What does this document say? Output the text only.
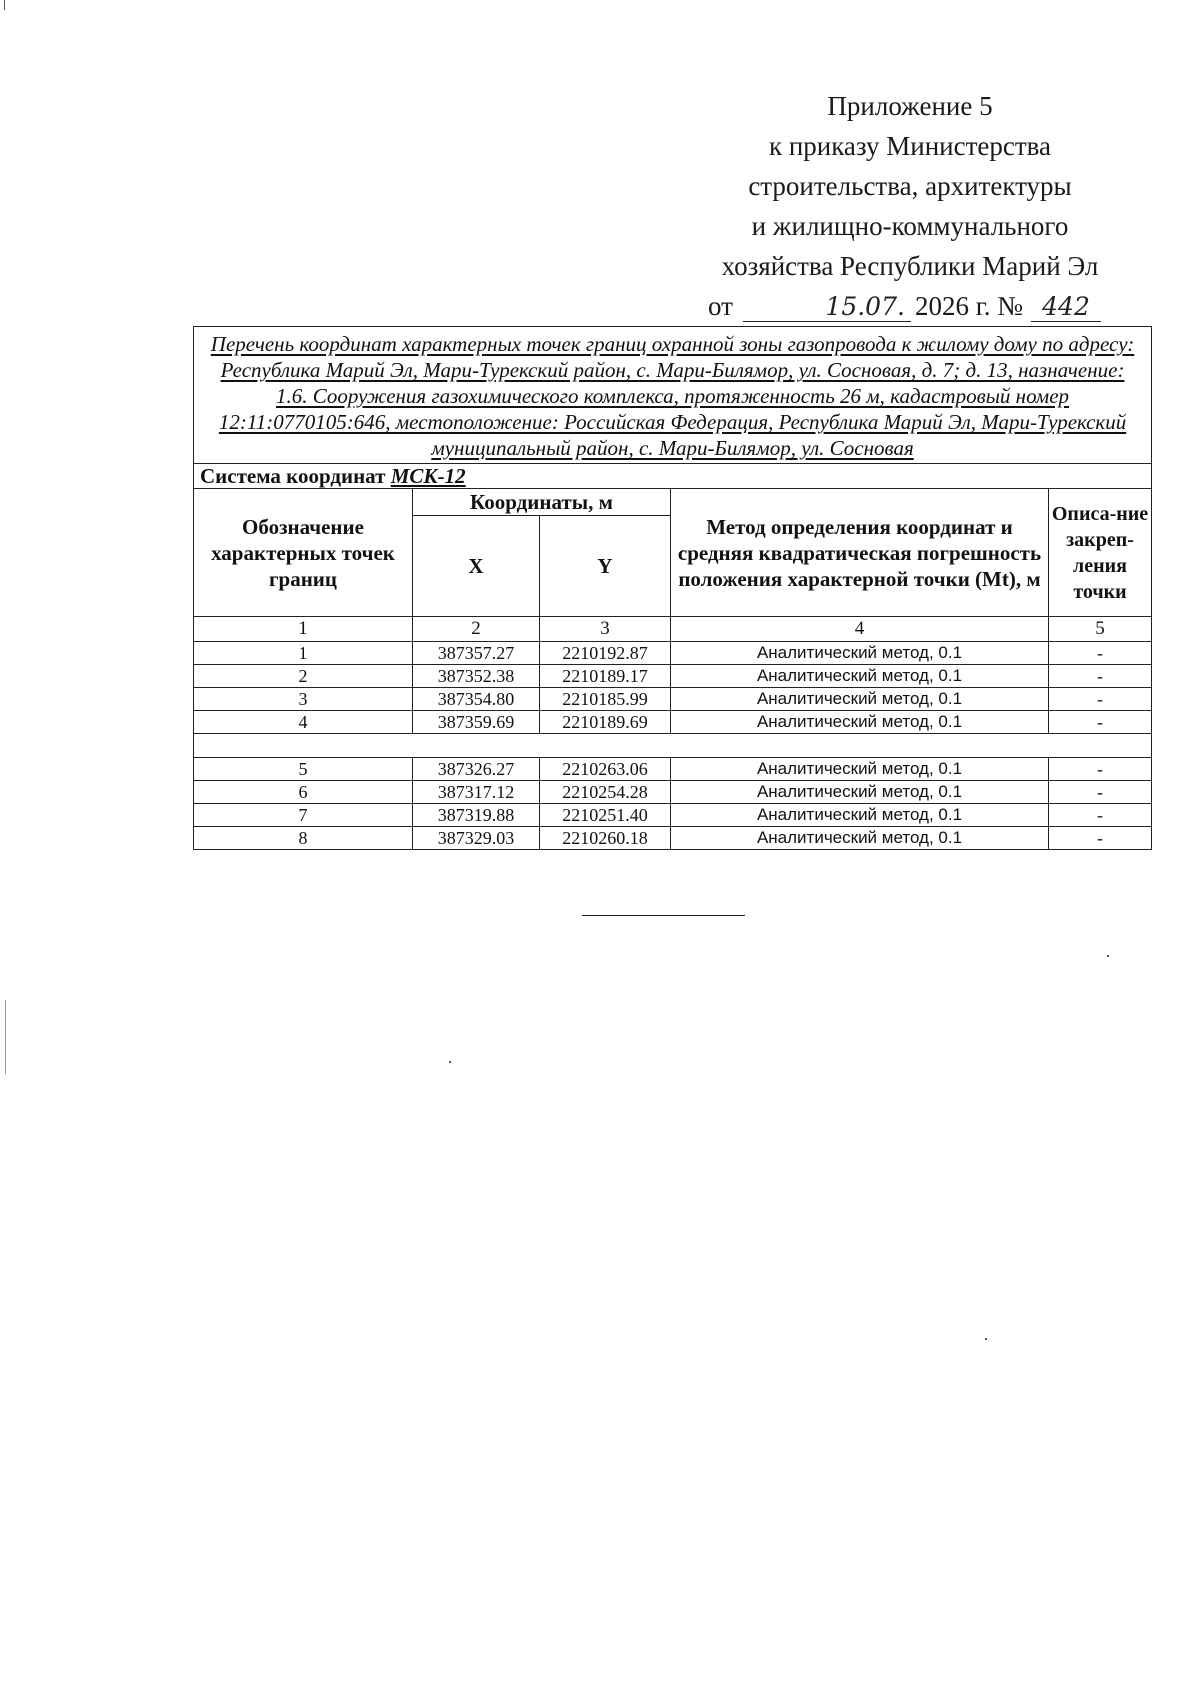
Приложение 5
к приказу Министерства
строительства, архитектуры
и жилищно-коммунального
хозяйства Республики Марий Эл
от	15.07. 2026 г. № 442
Перечень координат характерных точек границ охранной зоны газопровода к жилому дому по адресу: Республика Марий Эл, Мари-Турекский район, с. Мари-Билямор, ул. Сосновая, д. 7; д. 13, назначение: 1.6. Сооружения газохимического комплекса, протяженность 26 м, кадастровый номер 12:11:0770105:646, местоположение: Российская Федерация, Республика Марий Эл, Мари-Турекский муниципальный район, с. Мари-Билямор, ул. Сосновая				
Система координат МСК-12				
Обозначение характерных точек границ	Координаты, м		Метод определения координат и средняя квадратическая погрешность положения характерной точки (Mt), м	Описа-ние закреп-ления точки
	X	Y		
1	2	3	4	5
1	387357.27	2210192.87	Аналитический метод, 0.1	-
2	387352.38	2210189.17	Аналитический метод, 0.1	-
3	387354.80	2210185.99	Аналитический метод, 0.1	-
4	387359.69	2210189.69	Аналитический метод, 0.1	-

5	387326.27	2210263.06	Аналитический метод, 0.1	-
6	387317.12	2210254.28	Аналитический метод, 0.1	-
7	387319.88	2210251.40	Аналитический метод, 0.1	-
8	387329.03	2210260.18	Аналитический метод, 0.1	-
